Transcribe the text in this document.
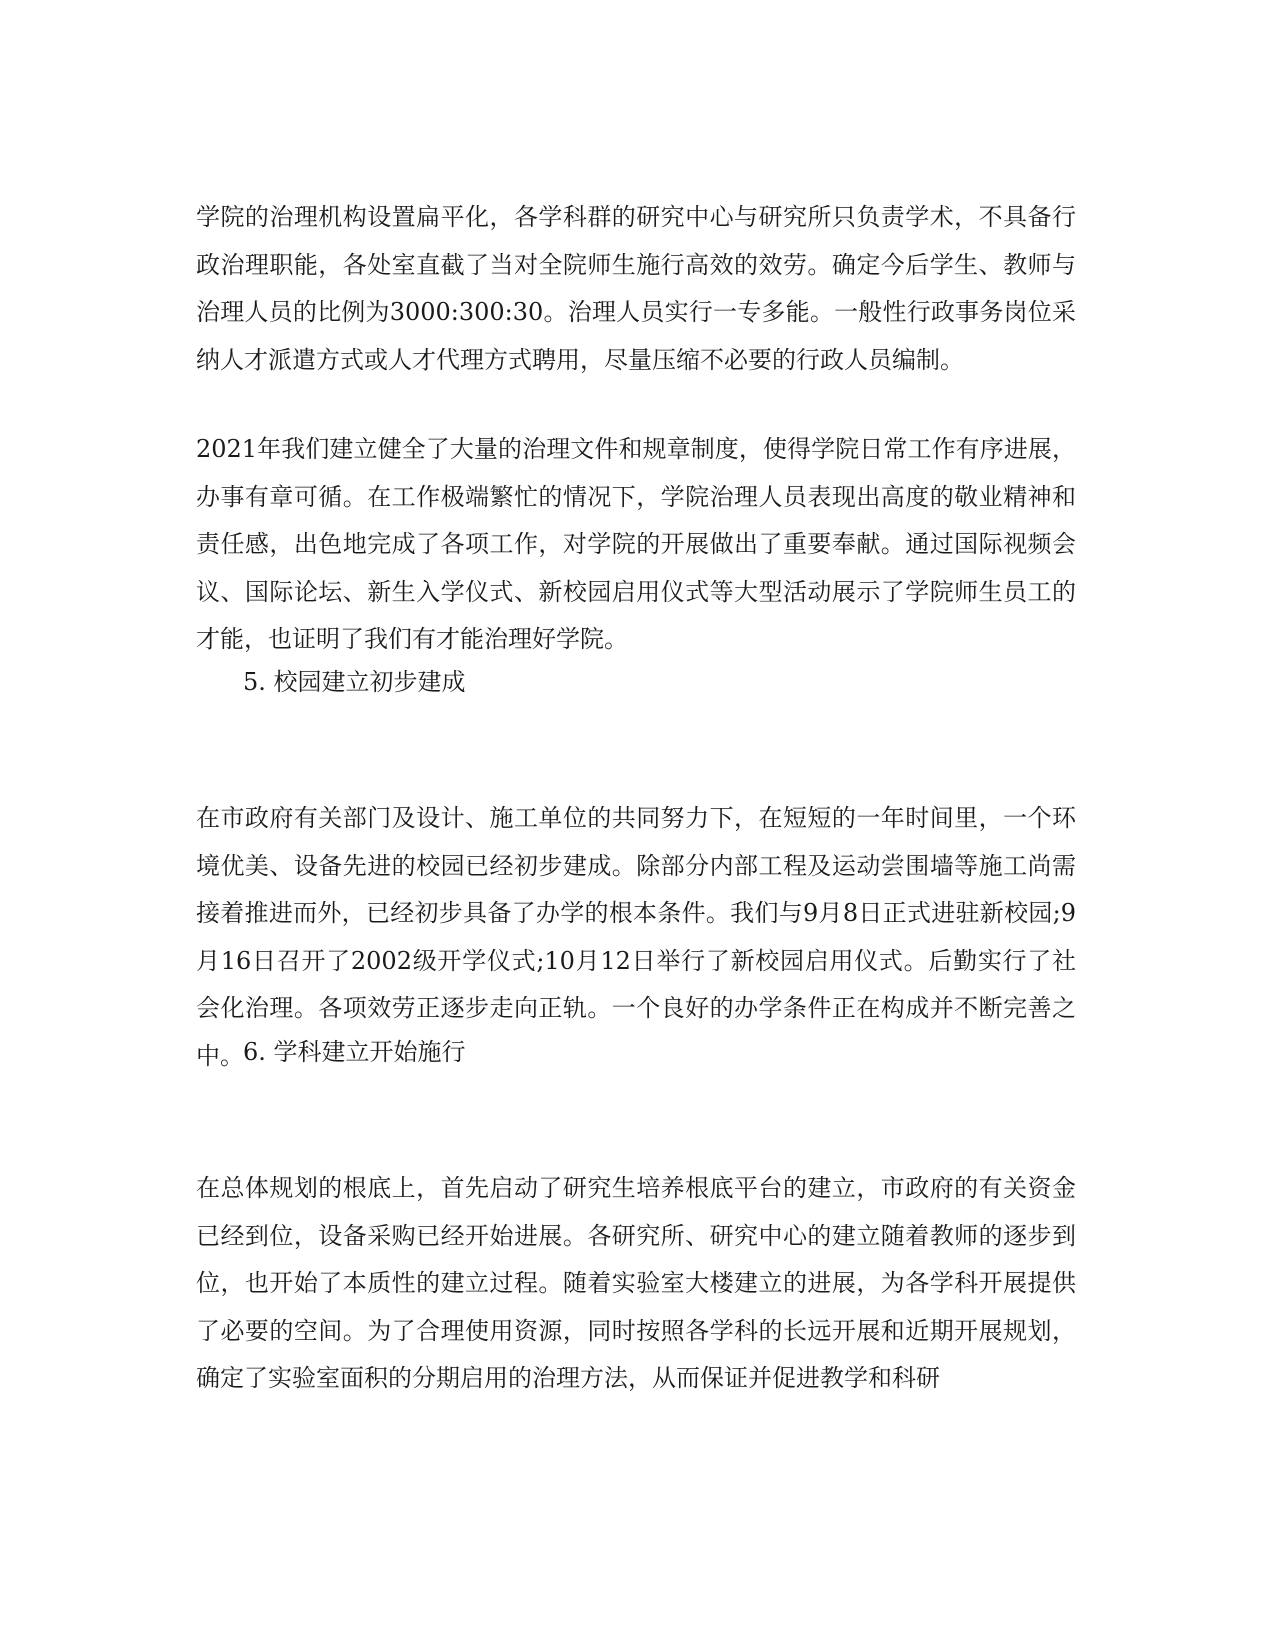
学院的治理机构设置扁平化，各学科群的研究中心与研究所只负责学术，不具备行政治理职能，各处室直截了当对全院师生施行高效的效劳。确定今后学生、教师与治理人员的比例为3000:300:30。治理人员实行一专多能。一般性行政事务岗位采纳人才派遣方式或人才代理方式聘用，尽量压缩不必要的行政人员编制。

2021年我们建立健全了大量的治理文件和规章制度，使得学院日常工作有序进展，办事有章可循。在工作极端繁忙的情况下，学院治理人员表现出高度的敬业精神和责任感，出色地完成了各项工作，对学院的开展做出了重要奉献。通过国际视频会议、国际论坛、新生入学仪式、新校园启用仪式等大型活动展示了学院师生员工的才能，也证明了我们有才能治理好学院。

5. 校园建立初步建成

在市政府有关部门及设计、施工单位的共同努力下，在短短的一年时间里，一个环境优美、设备先进的校园已经初步建成。除部分内部工程及运动尝围墙等施工尚需接着推进而外，已经初步具备了办学的根本条件。我们与9月8日正式进驻新校园;9月16日召开了2002级开学仪式;10月12日举行了新校园启用仪式。后勤实行了社会化治理。各项效劳正逐步走向正轨。一个良好的办学条件正在构成并不断完善之中。 6. 学科建立开始施行

在总体规划的根底上，首先启动了研究生培养根底平台的建立，市政府的有关资金已经到位，设备采购已经开始进展。各研究所、研究中心的建立随着教师的逐步到位，也开始了本质性的建立过程。随着实验室大楼建立的进展，为各学科开展提供了必要的空间。为了合理使用资源，同时按照各学科的长远开展和近期开展规划，确定了实验室面积的分期启用的治理方法，从而保证并促进教学和科研
